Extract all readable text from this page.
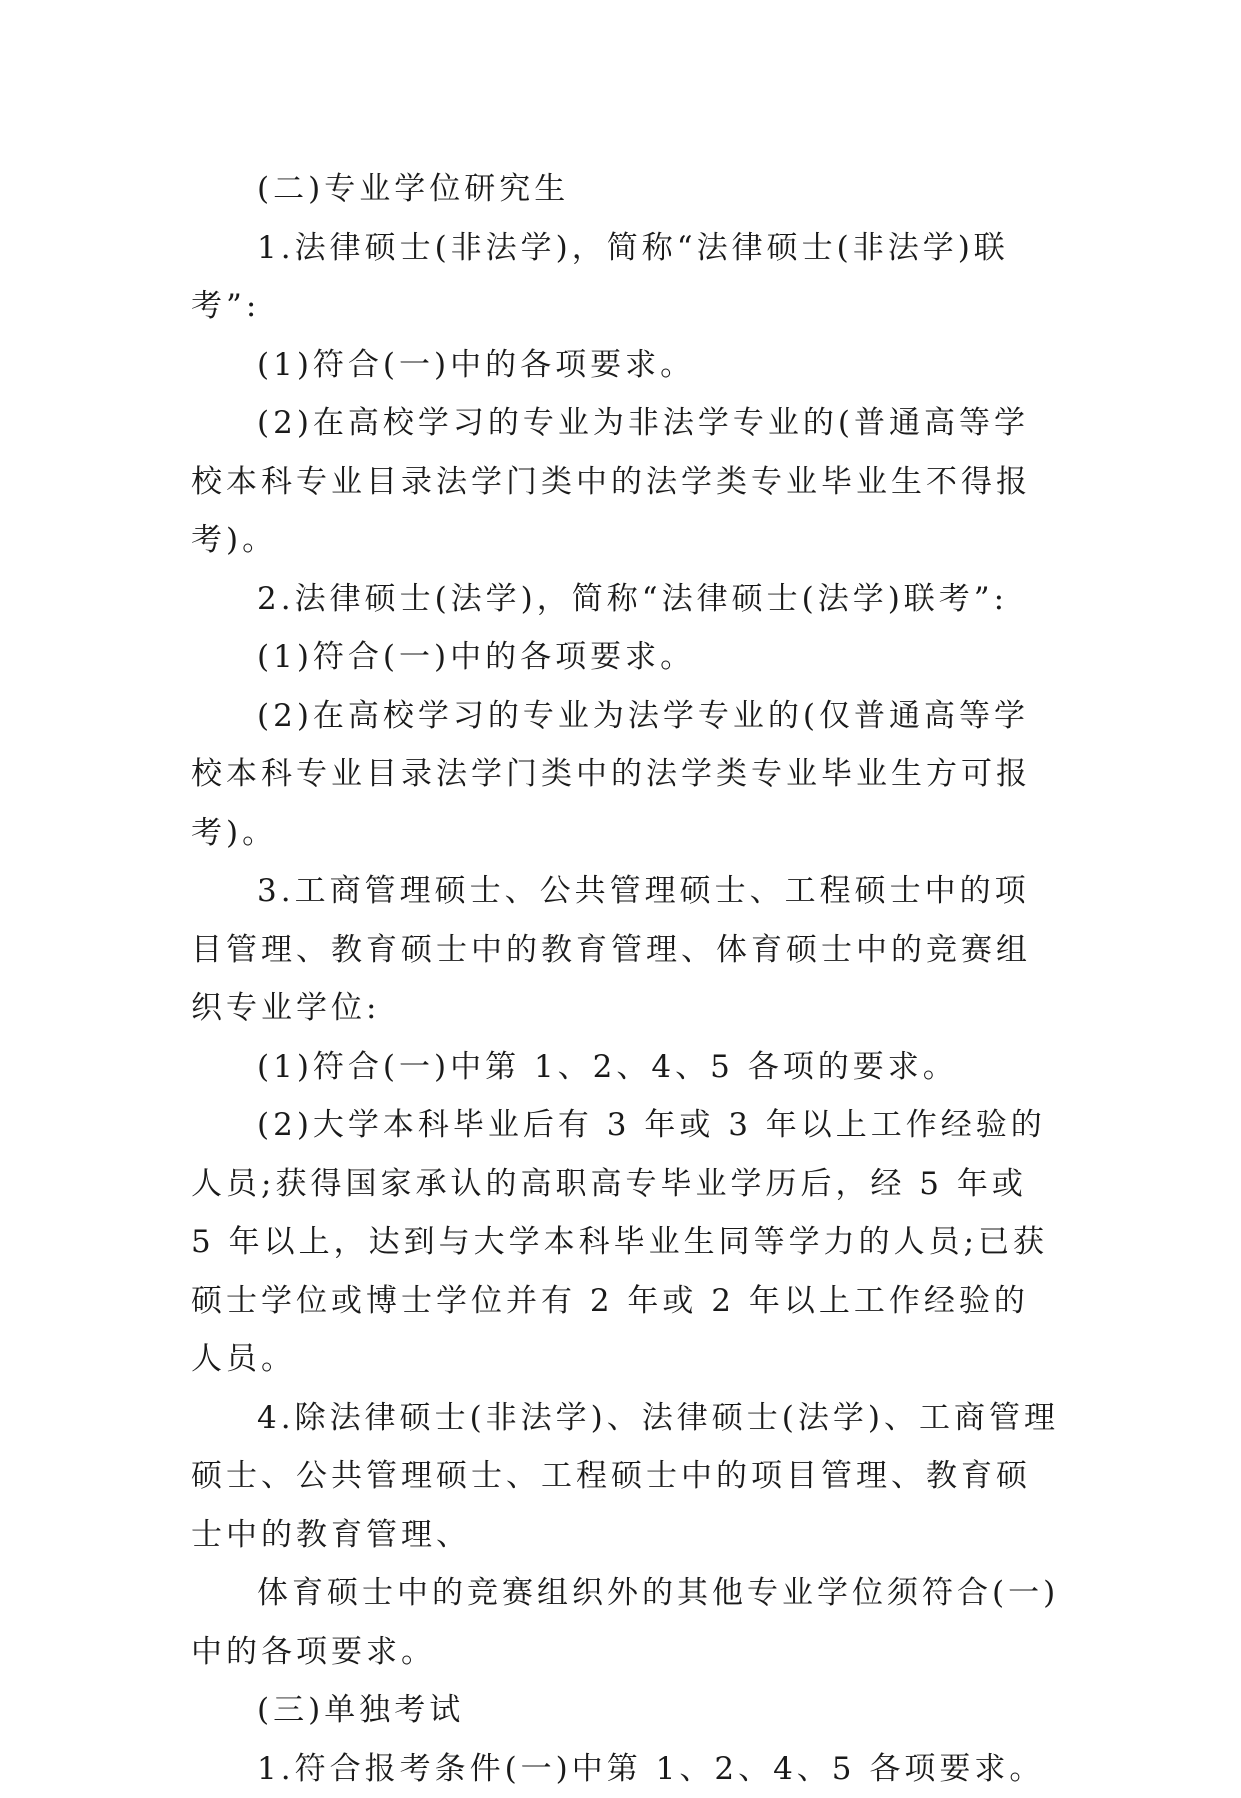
(二)专业学位研究生

1.法律硕士(非法学)，简称“法律硕士(非法学)联考”:

(1)符合(一)中的各项要求。

(2)在高校学习的专业为非法学专业的(普通高等学校本科专业目录法学门类中的法学类专业毕业生不得报考)。

2.法律硕士(法学)，简称“法律硕士(法学)联考”:

(1)符合(一)中的各项要求。

(2)在高校学习的专业为法学专业的(仅普通高等学校本科专业目录法学门类中的法学类专业毕业生方可报考)。

3.工商管理硕士、公共管理硕士、工程硕士中的项目管理、教育硕士中的教育管理、体育硕士中的竞赛组织专业学位:

(1)符合(一)中第 1、2、4、5 各项的要求。

(2)大学本科毕业后有 3 年或 3 年以上工作经验的人员;获得国家承认的高职高专毕业学历后，经 5 年或 5 年以上，达到与大学本科毕业生同等学力的人员;已获硕士学位或博士学位并有 2 年或 2 年以上工作经验的人员。

4.除法律硕士(非法学)、法律硕士(法学)、工商管理硕士、公共管理硕士、工程硕士中的项目管理、教育硕士中的教育管理、

体育硕士中的竞赛组织外的其他专业学位须符合(一)中的各项要求。

(三)单独考试

1.符合报考条件(一)中第 1、2、4、5 各项要求。
